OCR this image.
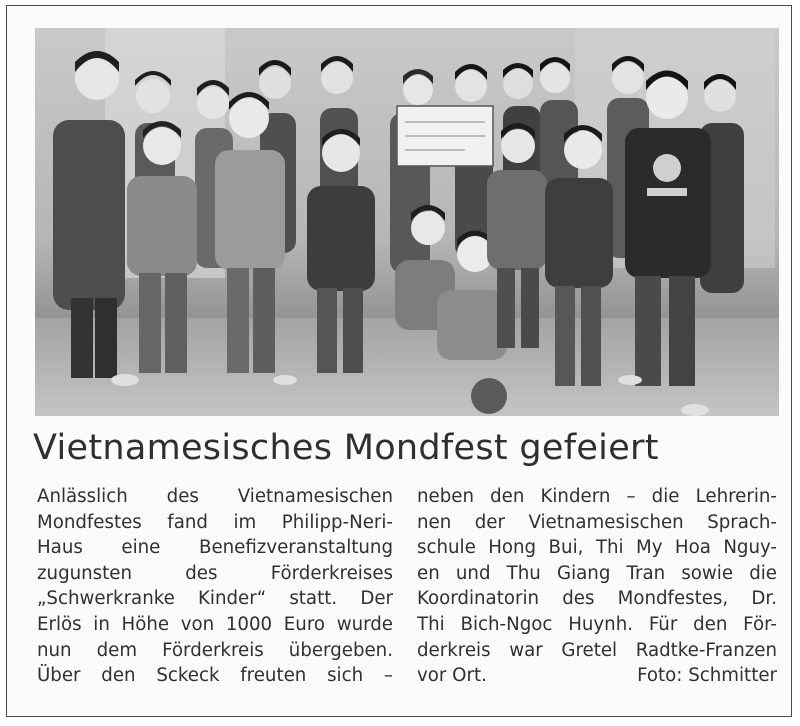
Vietnamesisches Mondfest gefeiert
Anlässlich des Vietnamesischen
Mondfestes fand im Philipp-Neri-
Haus eine Benefizveranstaltung
zugunsten des Förderkreises
„Schwerkranke Kinder“ statt. Der
Erlös in Höhe von 1000 Euro wurde
nun dem Förderkreis übergeben.
Über den Sckeck freuten sich –
neben den Kindern – die Lehrerin-
nen der Vietnamesischen Sprach-
schule Hong Bui, Thi My Hoa Nguy-
en und Thu Giang Tran sowie die
Koordinatorin des Mondfestes, Dr.
Thi Bich-Ngoc Huynh. Für den För-
derkreis war Gretel Radtke-Franzen
vor Ort.	Foto: Schmitter
